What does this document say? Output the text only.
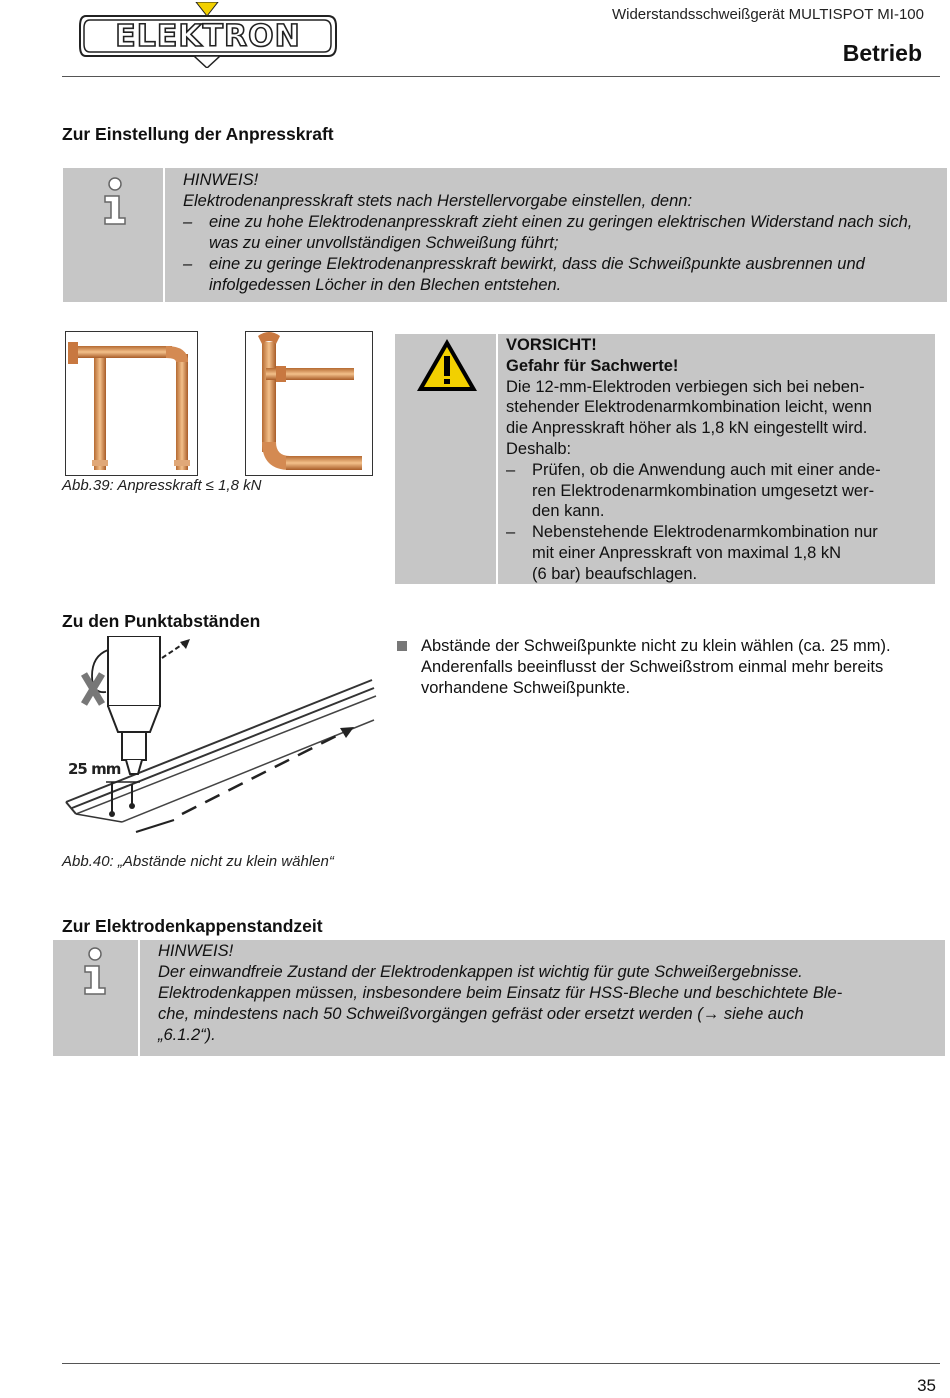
ELEKTRON
Widerstandsschweißgerät MULTISPOT MI-100
Betrieb
Zur Einstellung der Anpresskraft
HINWEIS!
Elektrodenanpresskraft stets nach Herstellervorgabe einstellen, denn:
–	eine zu hohe Elektrodenanpresskraft zieht einen zu geringen elektrischen Widerstand nach sich, was zu einer unvollständigen Schweißung führt;
–	eine zu geringe Elektrodenanpresskraft bewirkt, dass die Schweißpunkte ausbrennen und infolgedessen Löcher in den Blechen entstehen.
Abb.39: Anpresskraft ≤ 1,8 kN
VORSICHT!
Gefahr für Sachwerte!
Die 12-mm-Elektroden verbiegen sich bei neben-
stehender Elektrodenarmkombination leicht, wenn
die Anpresskraft höher als 1,8 kN eingestellt wird.
Deshalb:
–	Prüfen, ob die Anwendung auch mit einer ande-
ren Elektrodenarmkombination umgesetzt wer-
den kann.
–	Nebenstehende Elektrodenarmkombination nur
mit einer Anpresskraft von maximal 1,8 kN
(6 bar) beaufschlagen.
Zu den Punktabständen
25 mm
Abb.40: „Abstände nicht zu klein wählen“
Abstände der Schweißpunkte nicht zu klein wählen (ca. 25 mm).
Anderenfalls beeinflusst der Schweißstrom einmal mehr bereits
vorhandene Schweißpunkte.
Zur Elektrodenkappenstandzeit
HINWEIS!
Der einwandfreie Zustand der Elektrodenkappen ist wichtig für gute Schweißergebnisse.
Elektrodenkappen müssen, insbesondere beim Einsatz für HSS-Bleche und beschichtete Ble-
che, mindestens nach 50 Schweißvorgängen gefräst oder ersetzt werden (→ siehe auch
„6.1.2“).
35
